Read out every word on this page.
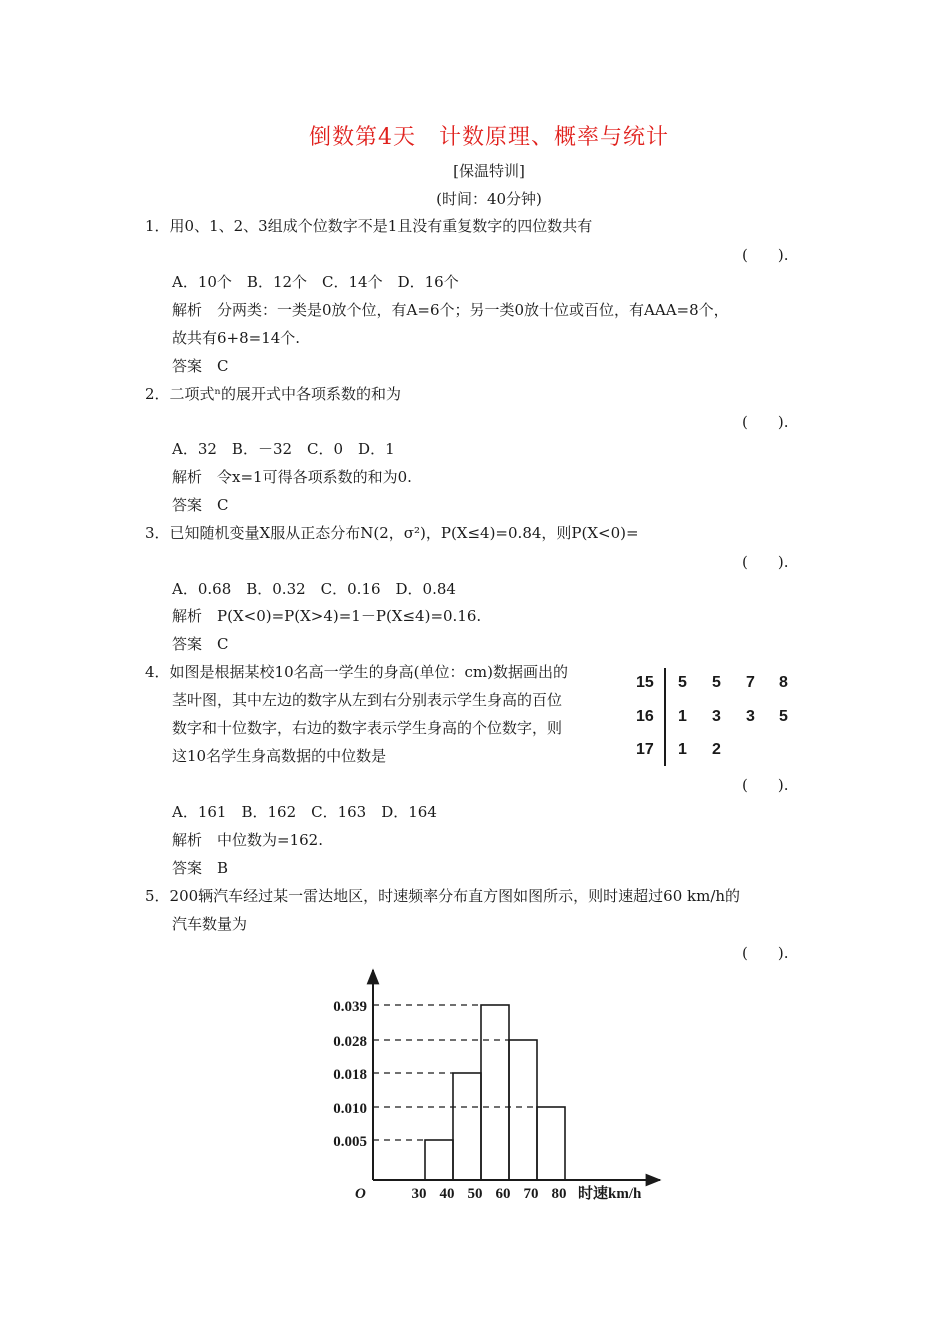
倒数第4天　计数原理、概率与统计
[保温特训]
(时间：40分钟)
1．用0、1、2、3组成个位数字不是1且没有重复数字的四位数共有
(　　).
A．10个　B．12个　C．14个　D．16个
解析　分两类：一类是0放个位，有A=6个；另一类0放十位或百位，有AAA=8个，
故共有6+8=14个.
答案　C
2．二项式ⁿ的展开式中各项系数的和为
(　　).
A．32　B．－32　C．0　D．1
解析　令x=1可得各项系数的和为0.
答案　C
3．已知随机变量X服从正态分布N(2，σ²)，P(X≤4)=0.84，则P(X<0)=
(　　).
A．0.68　B．0.32　C．0.16　D．0.84
解析　P(X<0)=P(X>4)=1－P(X≤4)=0.16.
答案　C
4．如图是根据某校10名高一学生的身高(单位：cm)数据画出的
茎叶图，其中左边的数字从左到右分别表示学生身高的百位
数字和十位数字，右边的数字表示学生身高的个位数字，则
这10名学生身高数据的中位数是
(　　).
15 5 5 7 8
16 1 3 3 5
17 1 2
A．161　B．162　C．163　D．164
解析　中位数为=162.
答案　B
5．200辆汽车经过某一雷达地区，时速频率分布直方图如图所示，则时速超过60 km/h的
汽车数量为
(　　).
0.039
0.028
0.018
0.010
0.005
30 40 50 60 70 80
O	时速km/h
